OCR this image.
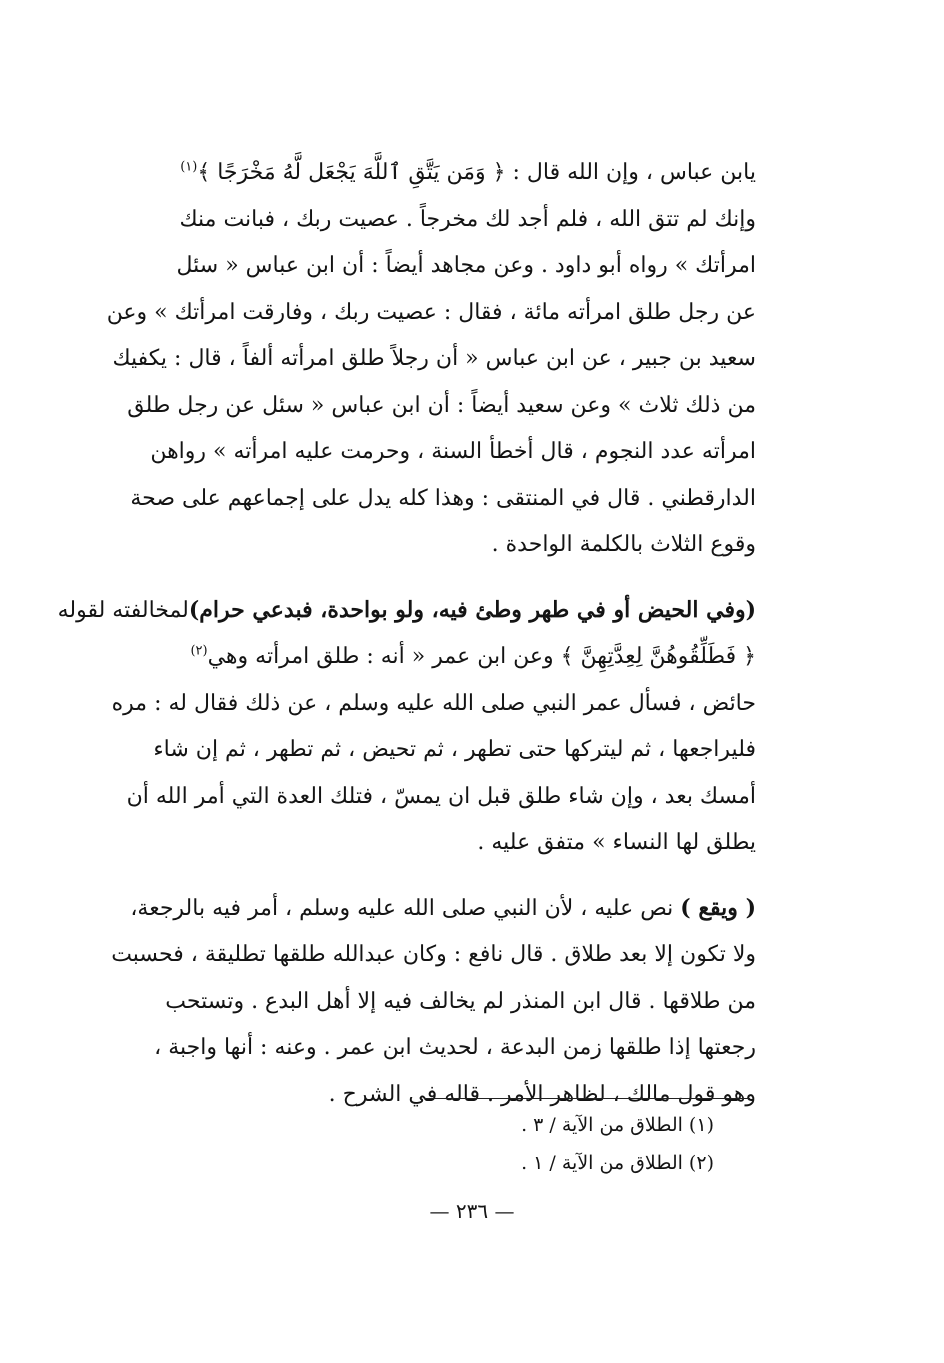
يابن عباس ، وإن الله قال : ﴿ وَمَن يَتَّقِ ٱللَّهَ يَجْعَل لَّهُ مَخْرَجًا ﴾$^{(١)}$
وإنك لم تتق الله ، فلم أجد لك مخرجاً . عصيت ربك ، فبانت منك
امرأتك » رواه أبو داود . وعن مجاهد أيضاً : أن ابن عباس « سئل
عن رجل طلق امرأته مائة ، فقال : عصيت ربك ، وفارقت امرأتك » وعن
سعيد بن جبير ، عن ابن عباس « أن رجلاً طلق امرأته ألفاً ، قال : يكفيك
من ذلك ثلاث » وعن سعيد أيضاً : أن ابن عباس « سئل عن رجل طلق
امرأته عدد النجوم ، قال أخطأ السنة ، وحرمت عليه امرأته » رواهن
الدارقطني . قال في المنتقى : وهذا كله يدل على إجماعهم على صحة
وقوع الثلاث بالكلمة الواحدة .

(وفي الحيض أو في طهر وطئ فيه، ولو بواحدة، فبدعي حرام)لمخالفته لقوله
﴿ فَطَلِّقُوهُنَّ لِعِدَّتِهِنَّ ﴾ وعن ابن عمر « أنه : طلق امرأته وهي$^{(٢)}$
حائض ، فسأل عمر النبي صلى الله عليه وسلم ، عن ذلك فقال له : مره
فليراجعها ، ثم ليتركها حتى تطهر ، ثم تحيض ، ثم تطهر ، ثم إن شاء
أمسك بعد ، وإن شاء طلق قبل ان يمسّ ، فتلك العدة التي أمر الله أن
يطلق لها النساء » متفق عليه .

( ويقع ) نص عليه ، لأن النبي صلى الله عليه وسلم ، أمر فيه بالرجعة،
ولا تكون إلا بعد طلاق . قال نافع : وكان عبدالله طلقها تطليقة ، فحسبت
من طلاقها . قال ابن المنذر لم يخالف فيه إلا أهل البدع . وتستحب
رجعتها إذا طلقها زمن البدعة ، لحديث ابن عمر . وعنه : أنها واجبة ،
وهو قول مالك ، لظاهر الأمر . قاله في الشرح .

(١) الطلاق من الآية / ٣ .
(٢) الطلاق من الآية / ١ .
— ٢٣٦ —
